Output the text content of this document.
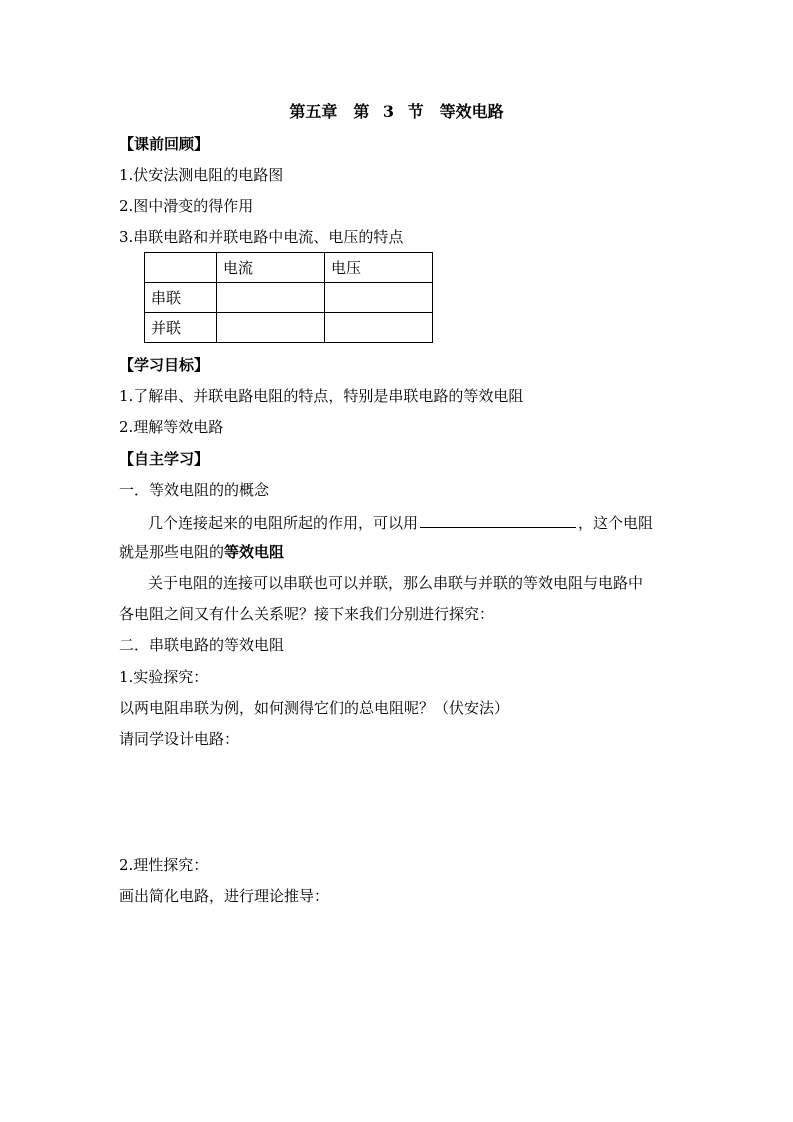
第五章　第 3 节　等效电路
【课前回顾】
1.伏安法测电阻的电路图
2.图中滑变的得作用
3.串联电路和并联电路中电流、电压的特点
	电流	电压
串联		
并联		
【学习目标】
1.了解串、并联电路电阻的特点，特别是串联电路的等效电阻
2.理解等效电路
【自主学习】
一．等效电阻的的概念
几个连接起来的电阻所起的作用，可以用	，这个电阻
就是那些电阻的等效电阻
关于电阻的连接可以串联也可以并联，那么串联与并联的等效电阻与电路中
各电阻之间又有什么关系呢？接下来我们分别进行探究：
二．串联电路的等效电阻
1.实验探究：
以两电阻串联为例，如何测得它们的总电阻呢？（伏安法）
请同学设计电路：
2.理性探究：
画出简化电路，进行理论推导：
